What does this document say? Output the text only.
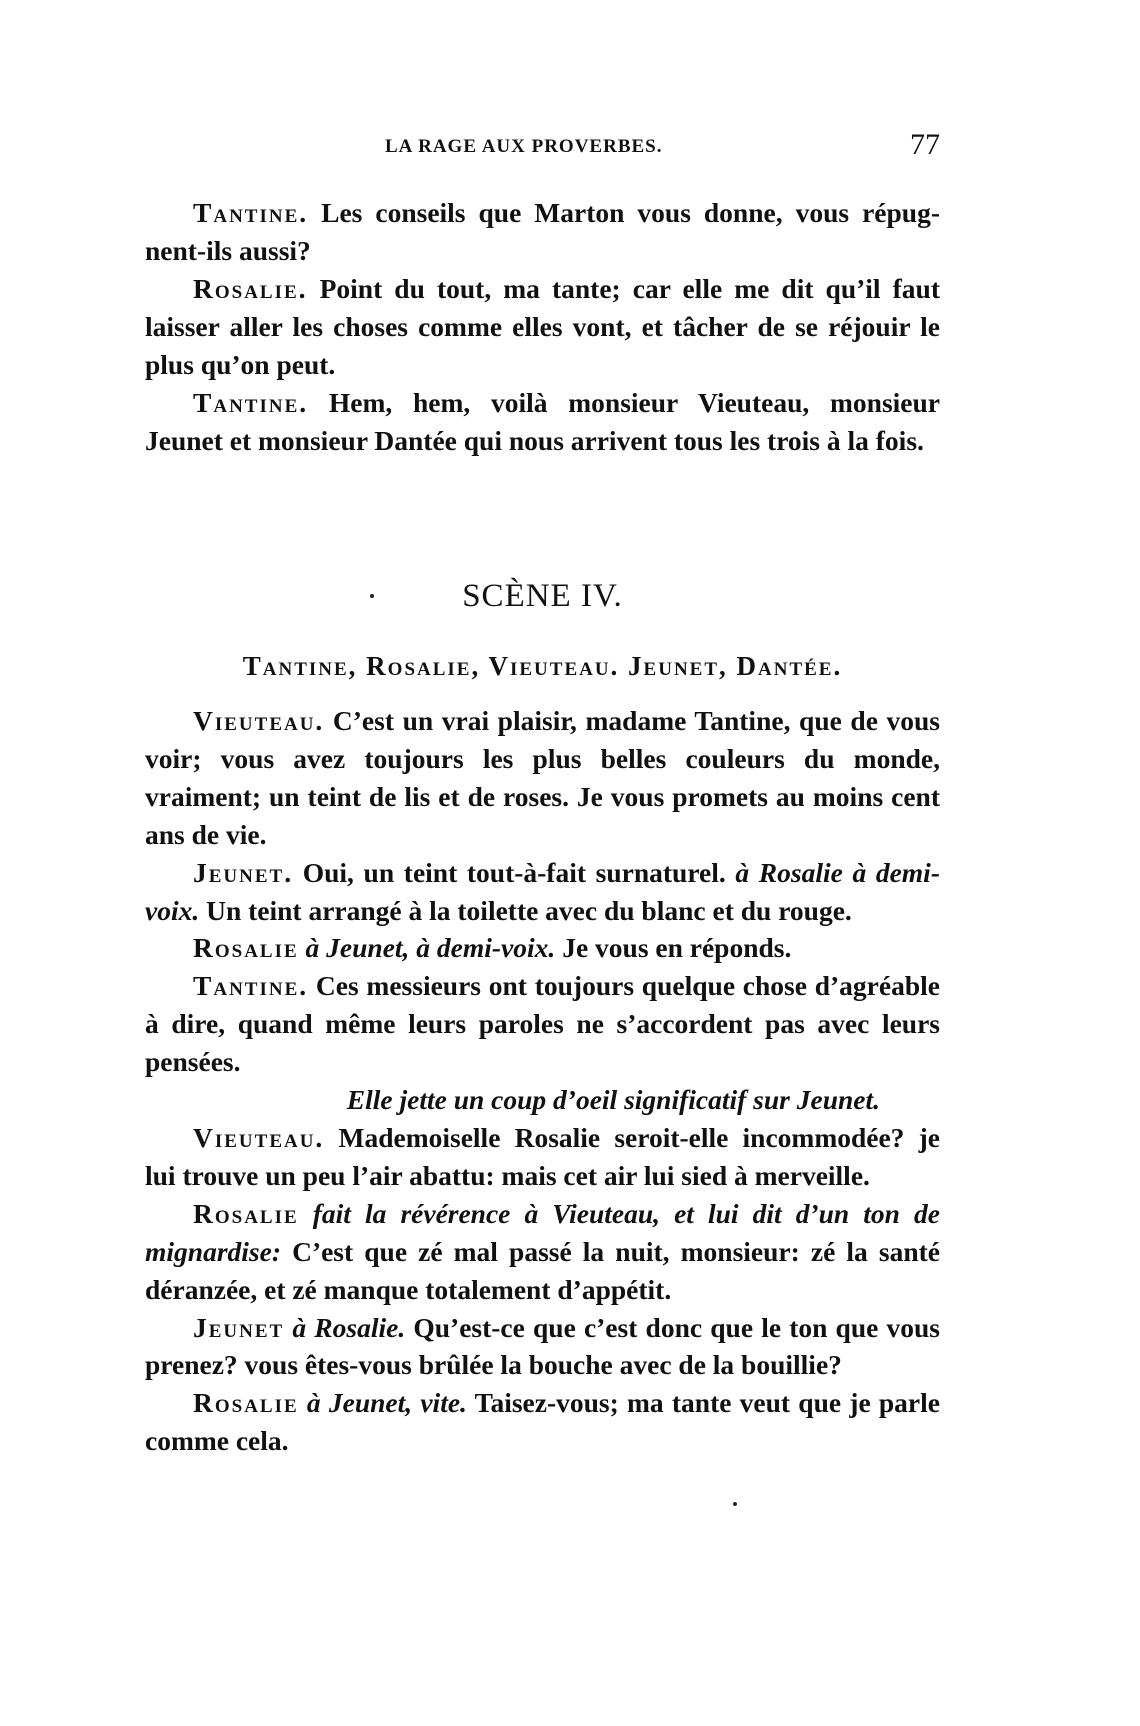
LA RAGE AUX PROVERBES.	77

Tantine. Les conseils que Marton vous donne, vous répug-nent-ils aussi?

Rosalie. Point du tout, ma tante; car elle me dit qu’il faut laisser aller les choses comme elles vont, et tâcher de se réjouir le plus qu’on peut.

Tantine. Hem, hem, voilà monsieur Vieuteau, monsieur Jeunet et monsieur Dantée qui nous arrivent tous les trois à la fois.

SCÈNE IV.
Tantine, Rosalie, Vieuteau. Jeunet, Dantée.

Vieuteau. C’est un vrai plaisir, madame Tantine, que de vous voir; vous avez toujours les plus belles couleurs du monde, vraiment; un teint de lis et de roses. Je vous promets au moins cent ans de vie.

Jeunet. Oui, un teint tout-à-fait surnaturel. à Rosalie à demi-voix. Un teint arrangé à la toilette avec du blanc et du rouge.

Rosalie à Jeunet, à demi-voix. Je vous en réponds.

Tantine. Ces messieurs ont toujours quelque chose d’agréable à dire, quand même leurs paroles ne s’accordent pas avec leurs pensées.

Elle jette un coup d’oeil significatif sur Jeunet.

Vieuteau. Mademoiselle Rosalie seroit-elle incommodée? je lui trouve un peu l’air abattu: mais cet air lui sied à merveille.

Rosalie fait la révérence à Vieuteau, et lui dit d’un ton de mignardise: C’est que zé mal passé la nuit, monsieur: zé la santé déranzée, et zé manque totalement d’appétit.

Jeunet à Rosalie. Qu’est-ce que c’est donc que le ton que vous prenez? vous êtes-vous brûlée la bouche avec de la bouillie?

Rosalie à Jeunet, vite. Taisez-vous; ma tante veut que je parle comme cela.
